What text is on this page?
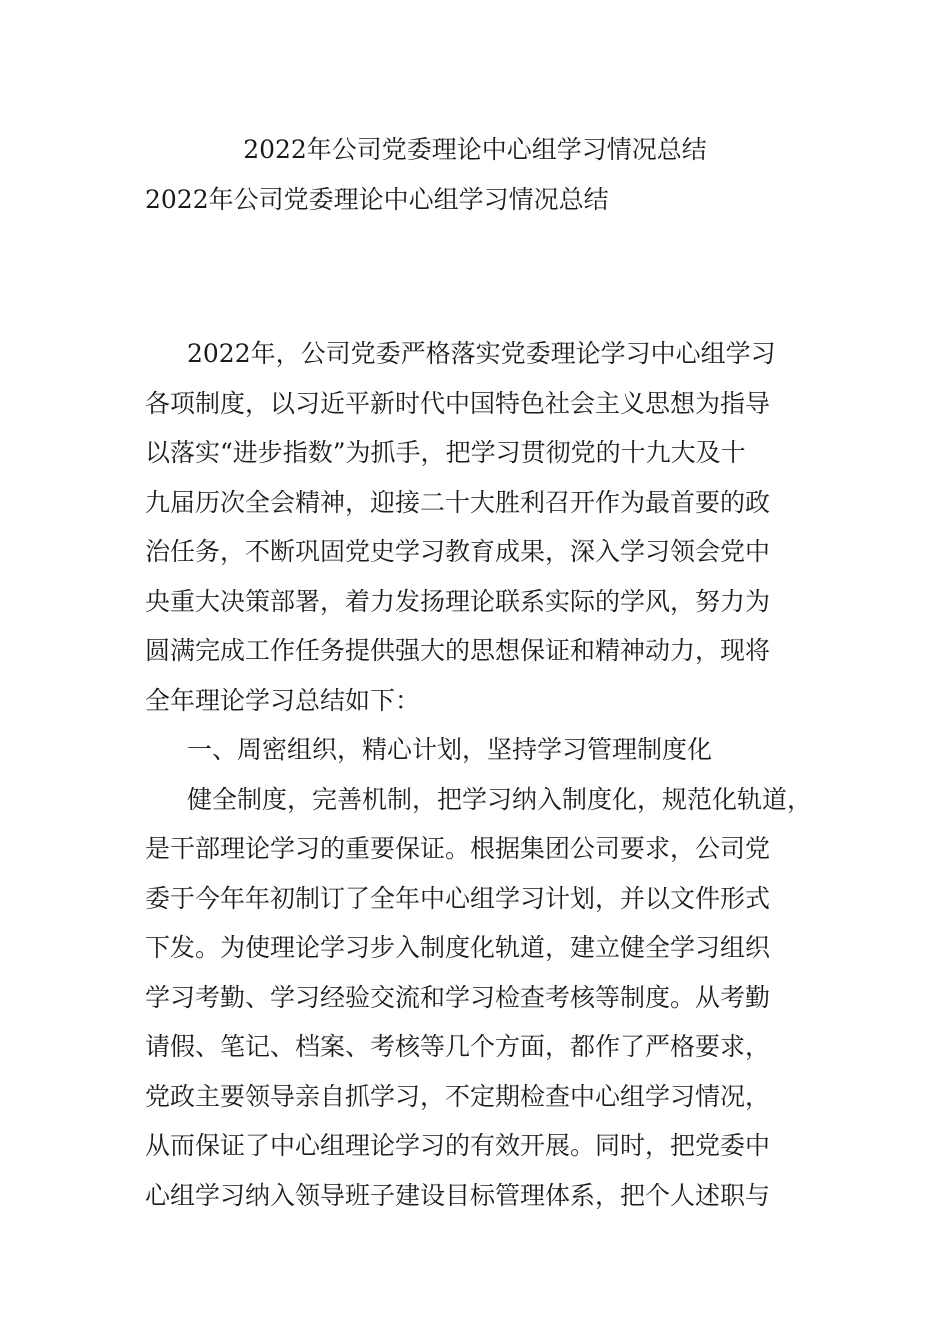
2022年公司党委理论中心组学习情况总结
2022年公司党委理论中心组学习情况总结
2022年，公司党委严格落实党委理论学习中心组学习
各项制度，以习近平新时代中国特色社会主义思想为指导
以落实“进步指数”为抓手，把学习贯彻党的十九大及十
九届历次全会精神，迎接二十大胜利召开作为最首要的政
治任务，不断巩固党史学习教育成果，深入学习领会党中
央重大决策部署，着力发扬理论联系实际的学风，努力为
圆满完成工作任务提供强大的思想保证和精神动力，现将
全年理论学习总结如下：
一、周密组织，精心计划，坚持学习管理制度化
健全制度，完善机制，把学习纳入制度化，规范化轨道，
是干部理论学习的重要保证。根据集团公司要求，公司党
委于今年年初制订了全年中心组学习计划，并以文件形式
下发。为使理论学习步入制度化轨道，建立健全学习组织
学习考勤、学习经验交流和学习检查考核等制度。从考勤
请假、笔记、档案、考核等几个方面，都作了严格要求，
党政主要领导亲自抓学习，不定期检查中心组学习情况，
从而保证了中心组理论学习的有效开展。同时，把党委中
心组学习纳入领导班子建设目标管理体系，把个人述职与
